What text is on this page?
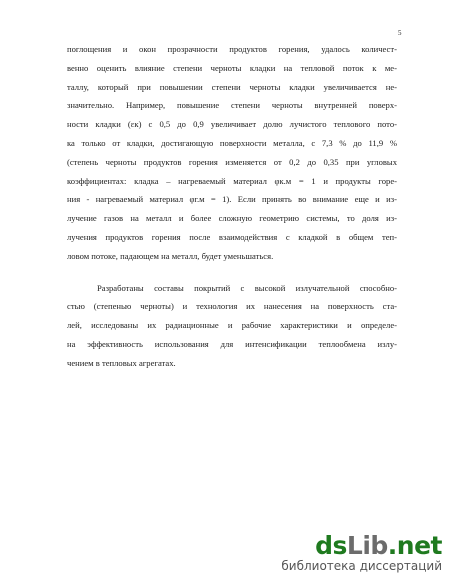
5
поглощения и окон прозрачности продуктов горения, удалось количест-
венно оценить влияние степени черноты кладки на тепловой поток к ме-
таллу, который при повышении степени черноты кладки увеличивается не-
значительно. Например, повышение степени черноты внутренней поверх-
ности кладки (εк) с 0,5 до 0,9 увеличивает долю лучистого теплового пото-
ка только от кладки, достигающую поверхности металла, с 7,3 % до 11,9 %
(степень черноты продуктов горения изменяется от 0,2 до 0,35 при угловых
коэффициентах: кладка – нагреваемый материал φк.м = 1 и продукты горе-
ния - нагреваемый материал φг.м = 1). Если принять во внимание еще и из-
лучение газов на металл и более сложную геометрию системы, то доля из-
лучения продуктов горения после взаимодействия с кладкой в общем теп-
ловом потоке, падающем на металл, будет уменьшаться.
Разработаны составы покрытий с высокой излучательной способно-
стью (степенью черноты) и технология их нанесения на поверхность ста-
лей, исследованы их радиационные и рабочие характеристики и определе-
на эффективность использования для интенсификации теплообмена излу-
чением в тепловых агрегатах.
dsLib.net
библиотека диссертаций
